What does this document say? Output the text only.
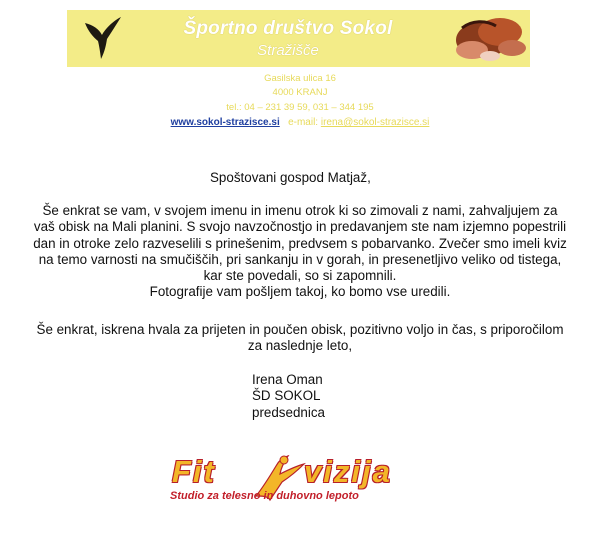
Športno društvo Sokol
Stražišče
Gasilska ulica 16
4000 KRANJ
tel.: 04 – 231 39 59, 031 – 344 195
www.sokol-strazisce.si e-mail: irena@sokol-strazisce.si
Spoštovani gospod Matjaž,
Še enkrat se vam, v svojem imenu in imenu otrok ki so zimovali z nami, zahvaljujem za
vaš obisk na Mali planini. S svojo navzočnostjo in predavanjem ste nam izjemno popestrili
dan in otroke zelo razveselili s prinešenim, predvsem s pobarvanko. Zvečer smo imeli kviz
na temo varnosti na smučiščih, pri sankanju in v gorah, in presenetljivo veliko od tistega,
kar ste povedali, so si zapomnili.
Fotografije vam pošljem takoj, ko bomo vse uredili.
Še enkrat, iskrena hvala za prijeten in poučen obisk, pozitivno voljo in čas, s priporočilom
za naslednje leto,
Irena Oman
ŠD SOKOL
predsednica
Fit	vizija
Studio za telesno in duhovno lepoto
